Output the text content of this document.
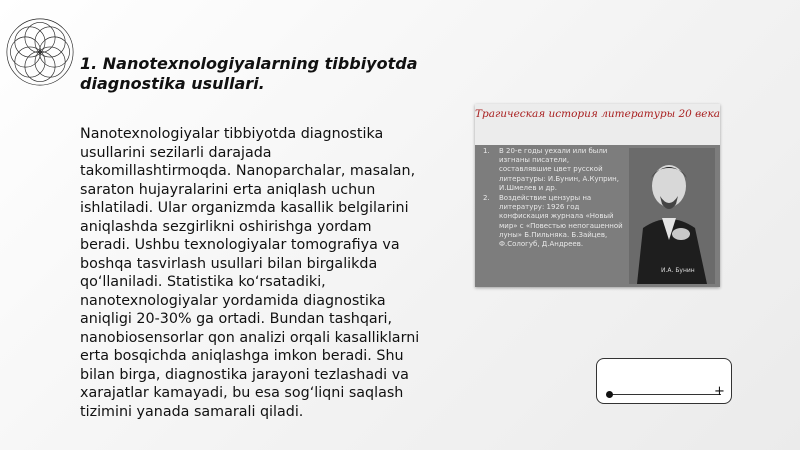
1. Nanotexnologiyalarning tibbiyotda diagnostika usullari.

Nanotexnologiyalar tibbiyotda diagnostika usullarini sezilarli darajada takomillashtirmoqda. Nanoparchalar, masalan, saraton hujayralarini erta aniqlash uchun ishlatiladi. Ular organizmda kasallik belgilarini aniqlashda sezgirlikni oshirishga yordam beradi. Ushbu texnologiyalar tomografiya va boshqa tasvirlash usullari bilan birgalikda qo‘llaniladi. Statistika ko‘rsatadiki, nanotexnologiyalar yordamida diagnostika aniqligi 20-30% ga ortadi. Bundan tashqari, nanobiosensorlar qon analizi orqali kasalliklarni erta bosqichda aniqlashga imkon beradi. Shu bilan birga, diagnostika jarayoni tezlashadi va xarajatlar kamayadi, bu esa sog‘liqni saqlash tizimini yanada samarali qiladi.

Трагическая история литературы 20 века
1. В 20-е годы уехали или были изгнаны писатели, составлявшие цвет русской литературы: И.Бунин, А.Куприн, И.Шмелев и др.
2. Воздействие цензуры на литературу: 1926 год конфискация журнала «Новый мир» с «Повестью непогашенной луны» Б.Пильняка. Б.Зайцев, Ф.Сологуб, Д.Андреев.
И.А. Бунин
+
